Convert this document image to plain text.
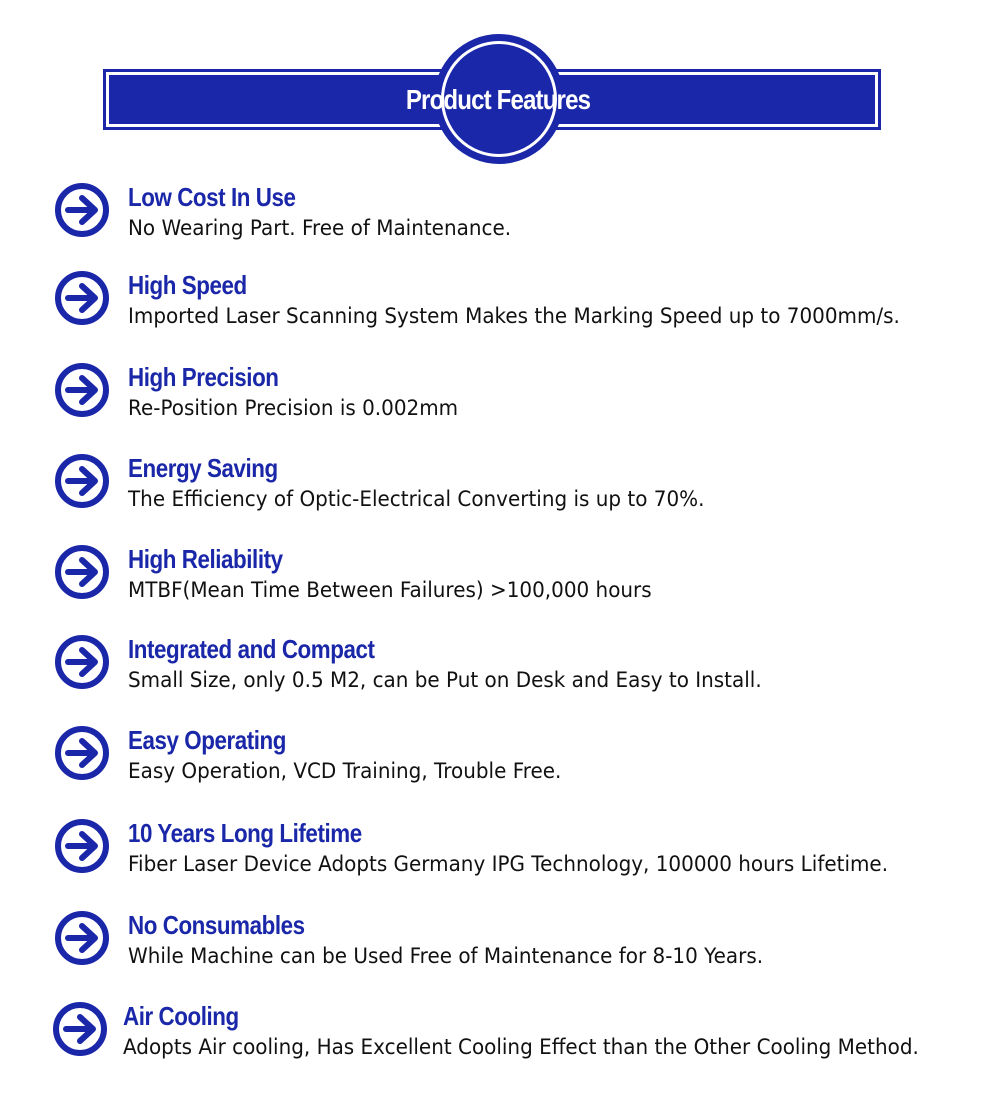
Product Features
Low Cost In Use
No Wearing Part. Free of Maintenance.
High Speed
Imported Laser Scanning System Makes the Marking Speed up to 7000mm/s.
High Precision
Re-Position Precision is 0.002mm
Energy Saving
The Efficiency of Optic-Electrical Converting is up to 70%.
High Reliability
MTBF(Mean Time Between Failures) >100,000 hours
Integrated and Compact
Small Size, only 0.5 M2, can be Put on Desk and Easy to Install.
Easy Operating
Easy Operation, VCD Training, Trouble Free.
10 Years Long Lifetime
Fiber Laser Device Adopts Germany IPG Technology, 100000 hours Lifetime.
No Consumables
While Machine can be Used Free of Maintenance for 8-10 Years.
Air Cooling
Adopts Air cooling, Has Excellent Cooling Effect than the Other Cooling Method.
